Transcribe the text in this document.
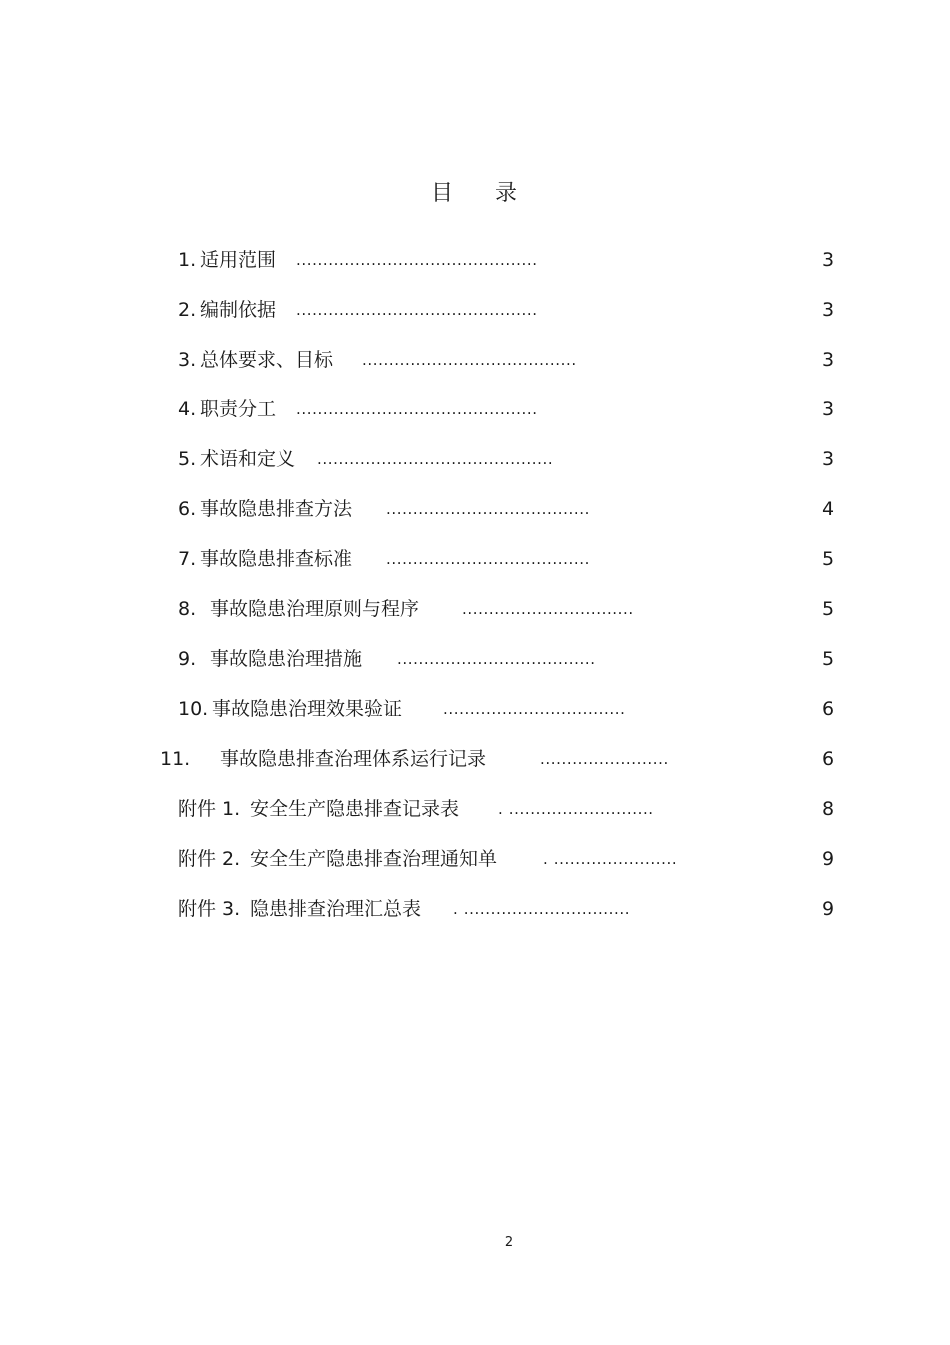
目 录
1. 适用范围 .............................................	3
2. 编制依据 .............................................	3
3. 总体要求、目标 ........................................	3
4. 职责分工 .............................................	3
5. 术语和定义 ............................................	3
6. 事故隐患排查方法 ......................................	4
7. 事故隐患排查标准 ......................................	5
8. 事故隐患治理原则与程序	................................	5
9. 事故隐患治理措施 .....................................	5
10. 事故隐患治理效果验证	..................................	6
11. 事故隐患排查治理体系运行记录	........................	6
附件 1. 安全生产隐患排查记录表	. ...........................	8
附件 2. 安全生产隐患排查治理通知单	. .......................	9
附件 3. 隐患排查治理汇总表 . ...............................	9
2
